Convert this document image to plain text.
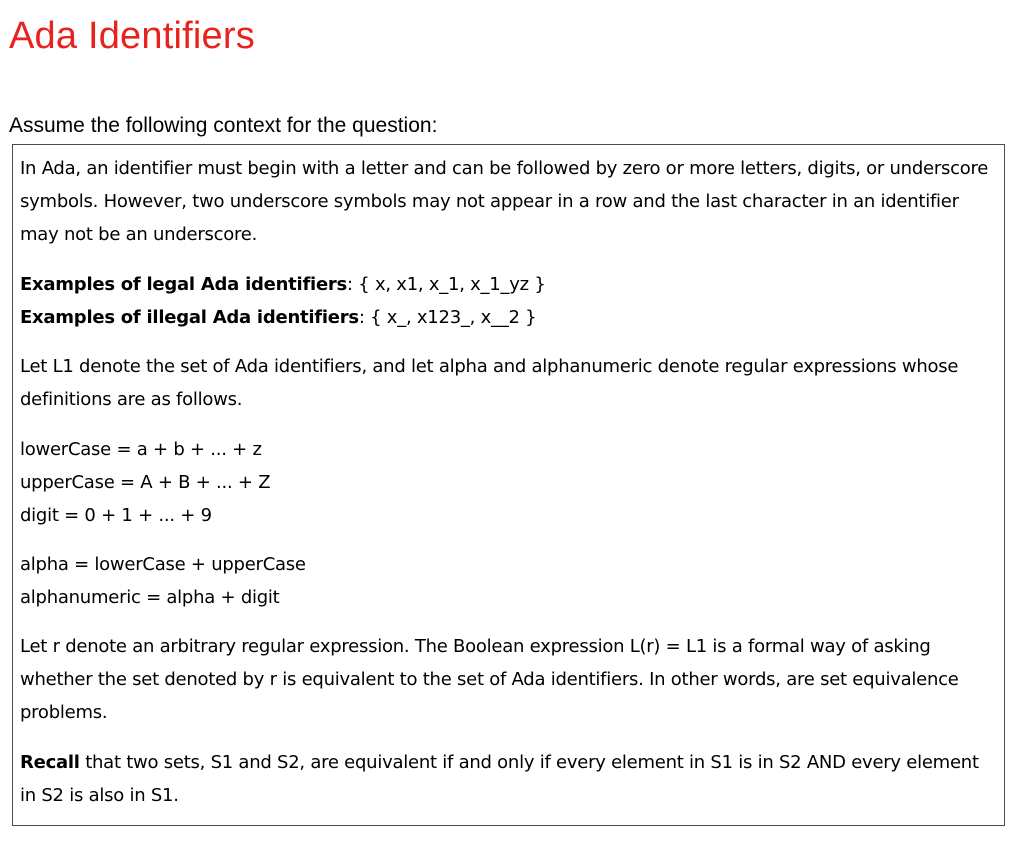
Ada Identifiers

Assume the following context for the question:

In Ada, an identifier must begin with a letter and can be followed by zero or more letters, digits, or underscore symbols. However, two underscore symbols may not appear in a row and the last character in an identifier may not be an underscore.

Examples of legal Ada identifiers: { x, x1, x_1, x_1_yz }
Examples of illegal Ada identifiers: { x_, x123_, x__2 }

Let L1 denote the set of Ada identifiers, and let alpha and alphanumeric denote regular expressions whose definitions are as follows.

lowerCase = a + b + ... + z
upperCase = A + B + ... + Z
digit = 0 + 1 + ... + 9

alpha = lowerCase + upperCase
alphanumeric = alpha + digit

Let r denote an arbitrary regular expression. The Boolean expression L(r) = L1 is a formal way of asking whether the set denoted by r is equivalent to the set of Ada identifiers. In other words, are set equivalence problems.

Recall that two sets, S1 and S2, are equivalent if and only if every element in S1 is in S2 AND every element in S2 is also in S1.
